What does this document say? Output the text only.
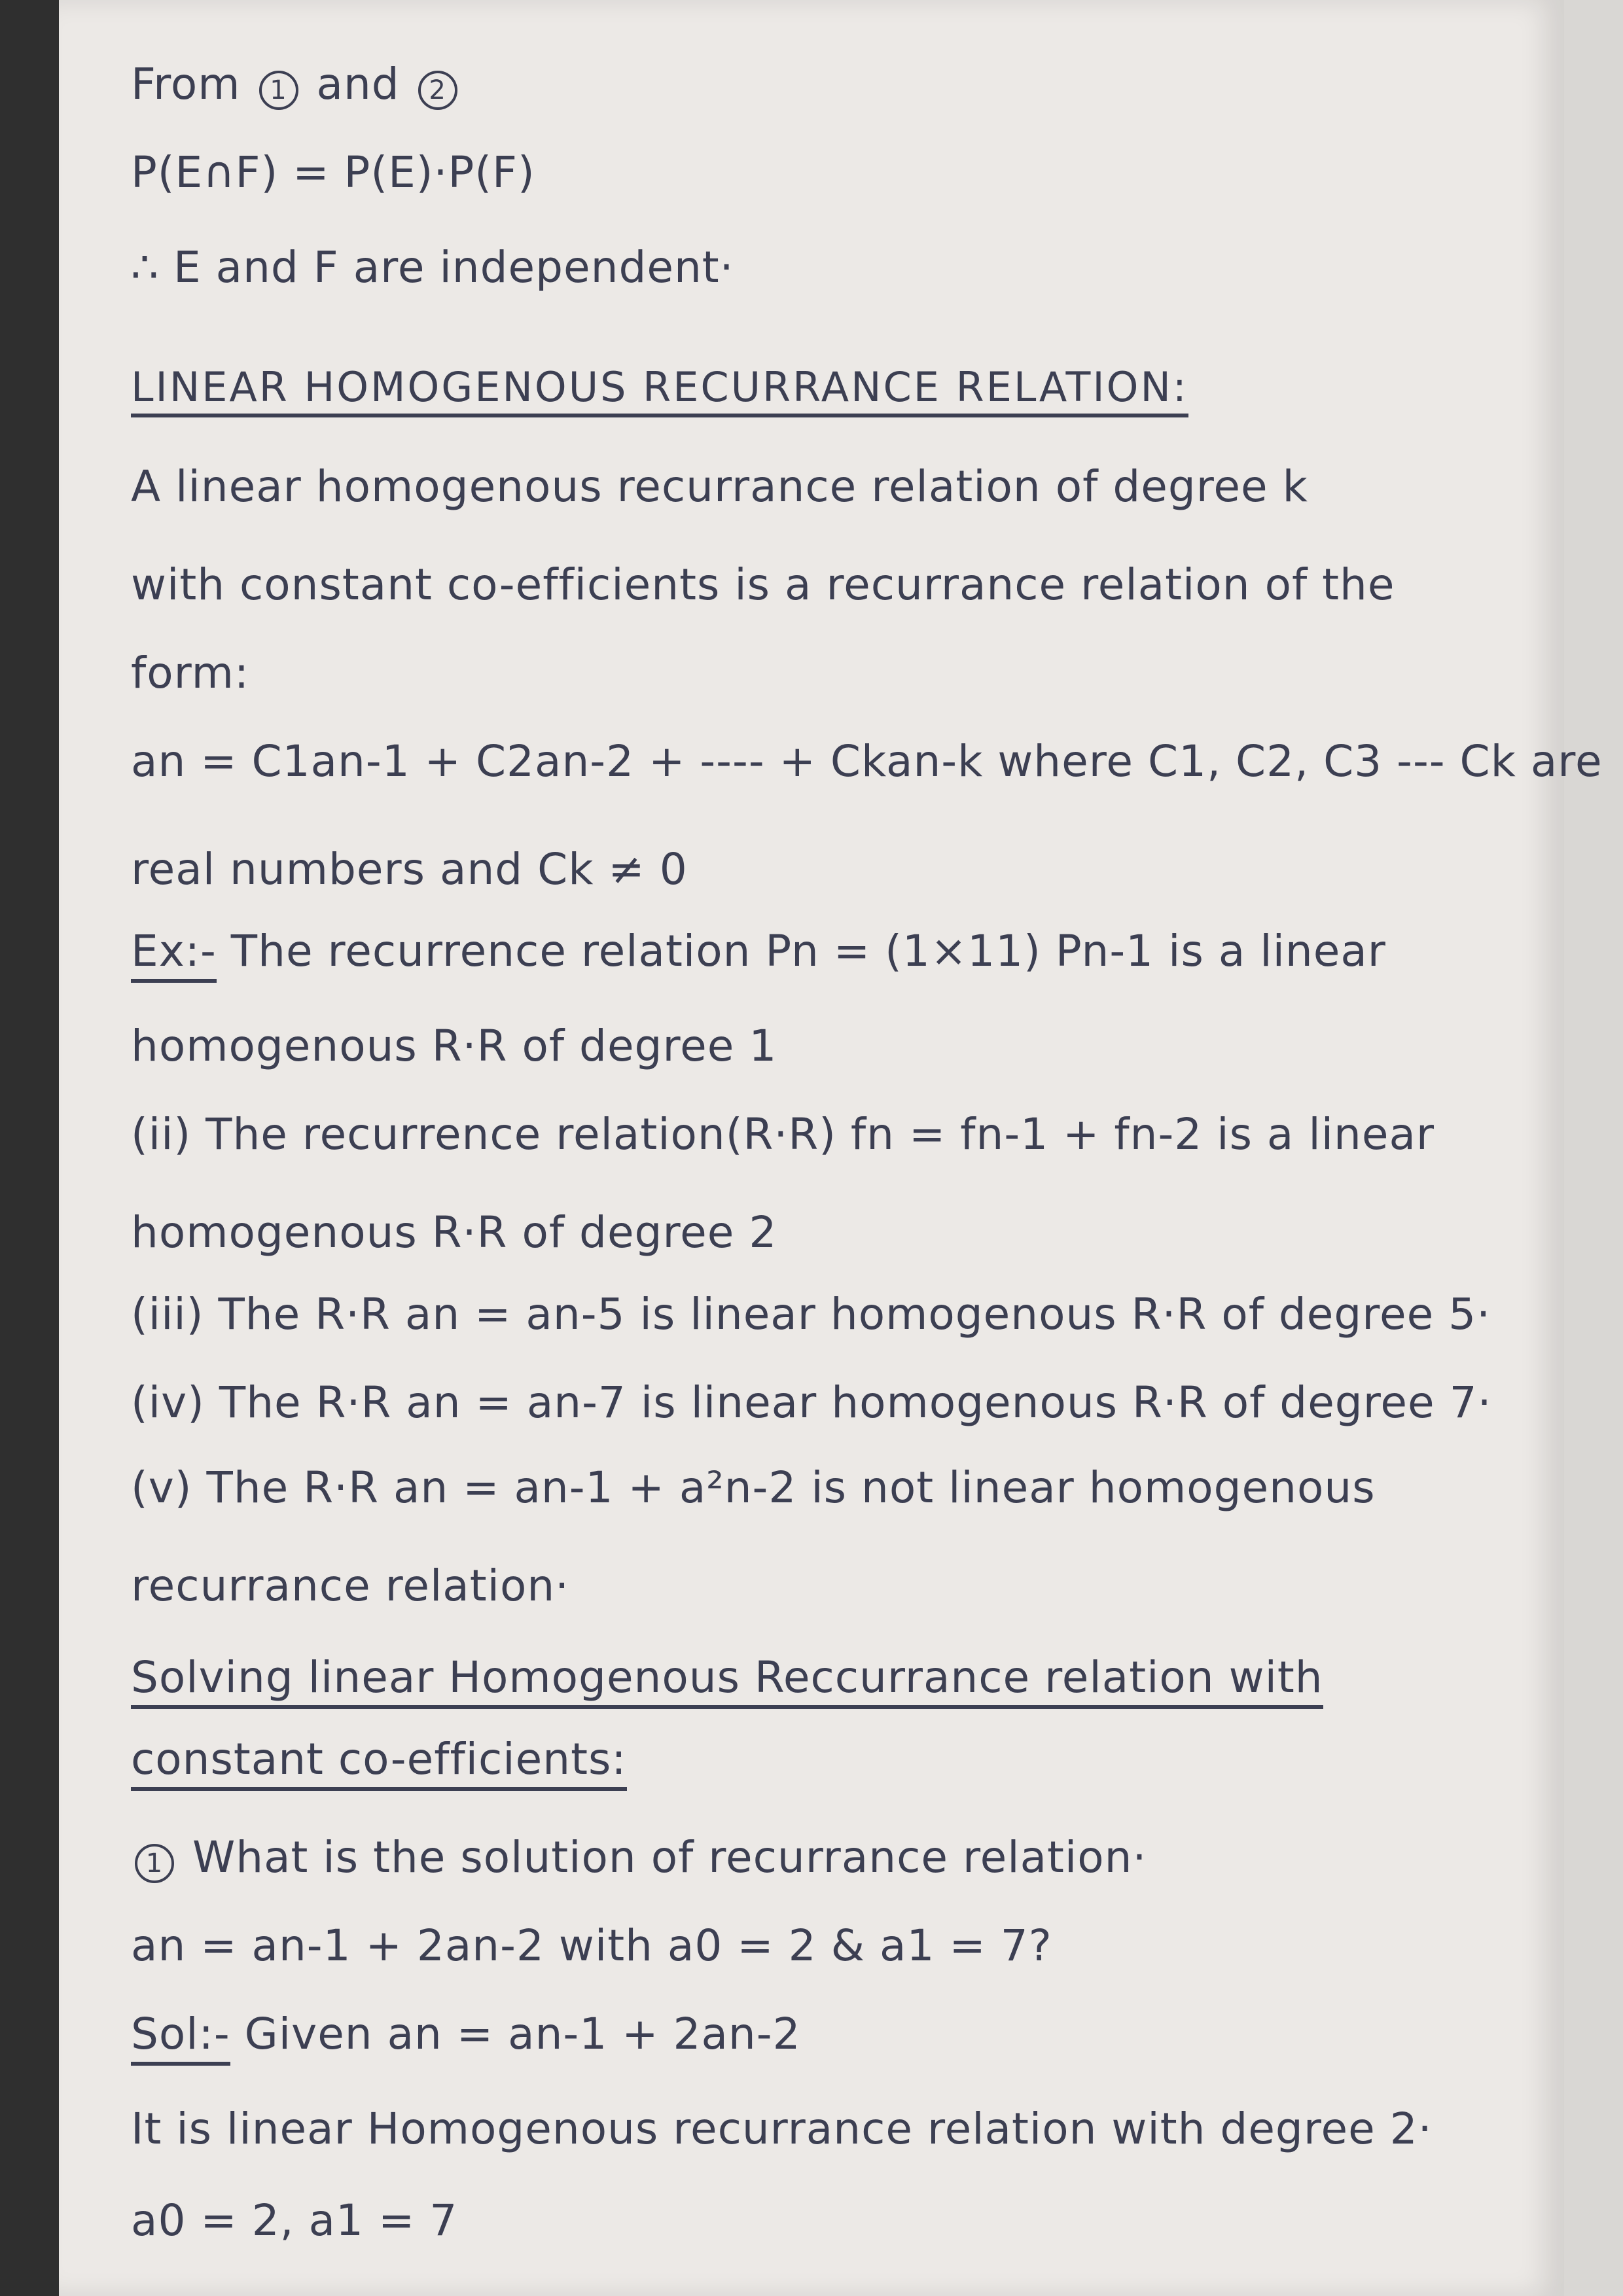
From 1 and 2
P(E∩F) = P(E)·P(F)
∴ E and F are independent·
LINEAR HOMOGENOUS RECURRANCE RELATION:
A linear homogenous recurrance relation of degree k
with constant co-efficients is a recurrance relation of the
form:
an = C1an-1 + C2an-2 + ---- + Ckan-k where C1, C2, C3 --- Ck are
real numbers and Ck ≠ 0
Ex:- The recurrence relation Pn = (1×11) Pn-1 is a linear
homogenous R·R of degree 1
(ii) The recurrence relation(R·R) fn = fn-1 + fn-2 is a linear
homogenous R·R of degree 2
(iii) The R·R an = an-5 is linear homogenous R·R of degree 5·
(iv) The R·R an = an-7 is linear homogenous R·R of degree 7·
(v) The R·R an = an-1 + a²n-2 is not linear homogenous
recurrance relation·
Solving linear Homogenous Reccurrance relation with
constant co-efficients:
1 What is the solution of recurrance relation·
an = an-1 + 2an-2 with a0 = 2 & a1 = 7?
Sol:- Given an = an-1 + 2an-2
It is linear Homogenous recurrance relation with degree 2·
a0 = 2, a1 = 7
